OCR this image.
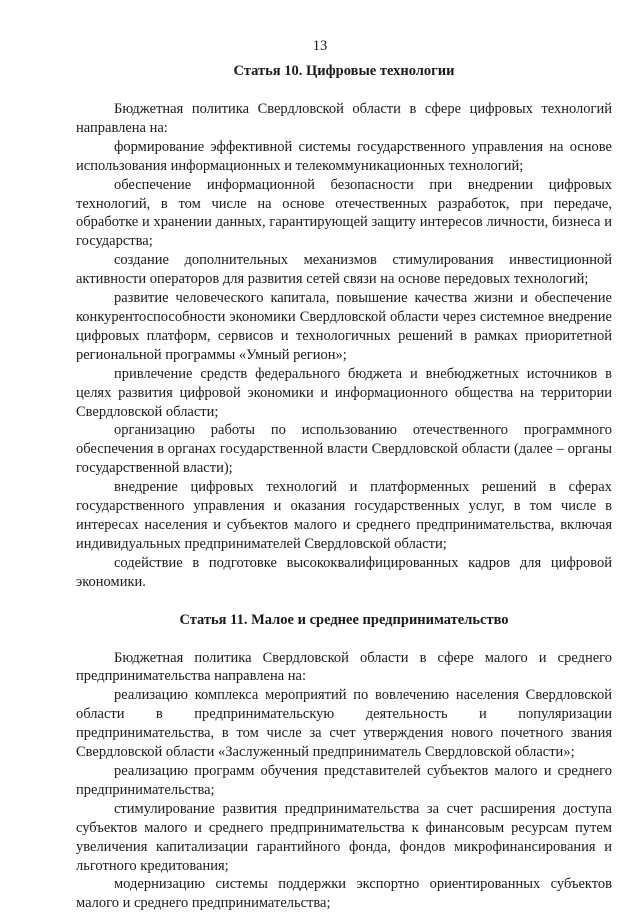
13
Статья 10. Цифровые технологии

Бюджетная политика Свердловской области в сфере цифровых технологий направлена на:

формирование эффективной системы государственного управления на основе использования информационных и телекоммуникационных технологий;

обеспечение информационной безопасности при внедрении цифровых технологий, в том числе на основе отечественных разработок, при передаче, обработке и хранении данных, гарантирующей защиту интересов личности, бизнеса и государства;

создание дополнительных механизмов стимулирования инвестиционной активности операторов для развития сетей связи на основе передовых технологий;

развитие человеческого капитала, повышение качества жизни и обеспечение конкурентоспособности экономики Свердловской области через системное внедрение цифровых платформ, сервисов и технологичных решений в рамках приоритетной региональной программы «Умный регион»;

привлечение средств федерального бюджета и внебюджетных источников в целях развития цифровой экономики и информационного общества на территории Свердловской области;

организацию работы по использованию отечественного программного обеспечения в органах государственной власти Свердловской области (далее – органы государственной власти);

внедрение цифровых технологий и платформенных решений в сферах государственного управления и оказания государственных услуг, в том числе в интересах населения и субъектов малого и среднего предпринимательства, включая индивидуальных предпринимателей Свердловской области;

содействие в подготовке высококвалифицированных кадров для цифровой экономики.

Статья 11. Малое и среднее предпринимательство

Бюджетная политика Свердловской области в сфере малого и среднего предпринимательства направлена на:

реализацию комплекса мероприятий по вовлечению населения Свердловской области в предпринимательскую деятельность и популяризации предпринимательства, в том числе за счет утверждения нового почетного звания Свердловской области «Заслуженный предприниматель Свердловской области»;

реализацию программ обучения представителей субъектов малого и среднего предпринимательства;

стимулирование развития предпринимательства за счет расширения доступа субъектов малого и среднего предпринимательства к финансовым ресурсам путем увеличения капитализации гарантийного фонда, фондов микрофинансирования и льготного кредитования;

модернизацию системы поддержки экспортно ориентированных субъектов малого и среднего предпринимательства;
